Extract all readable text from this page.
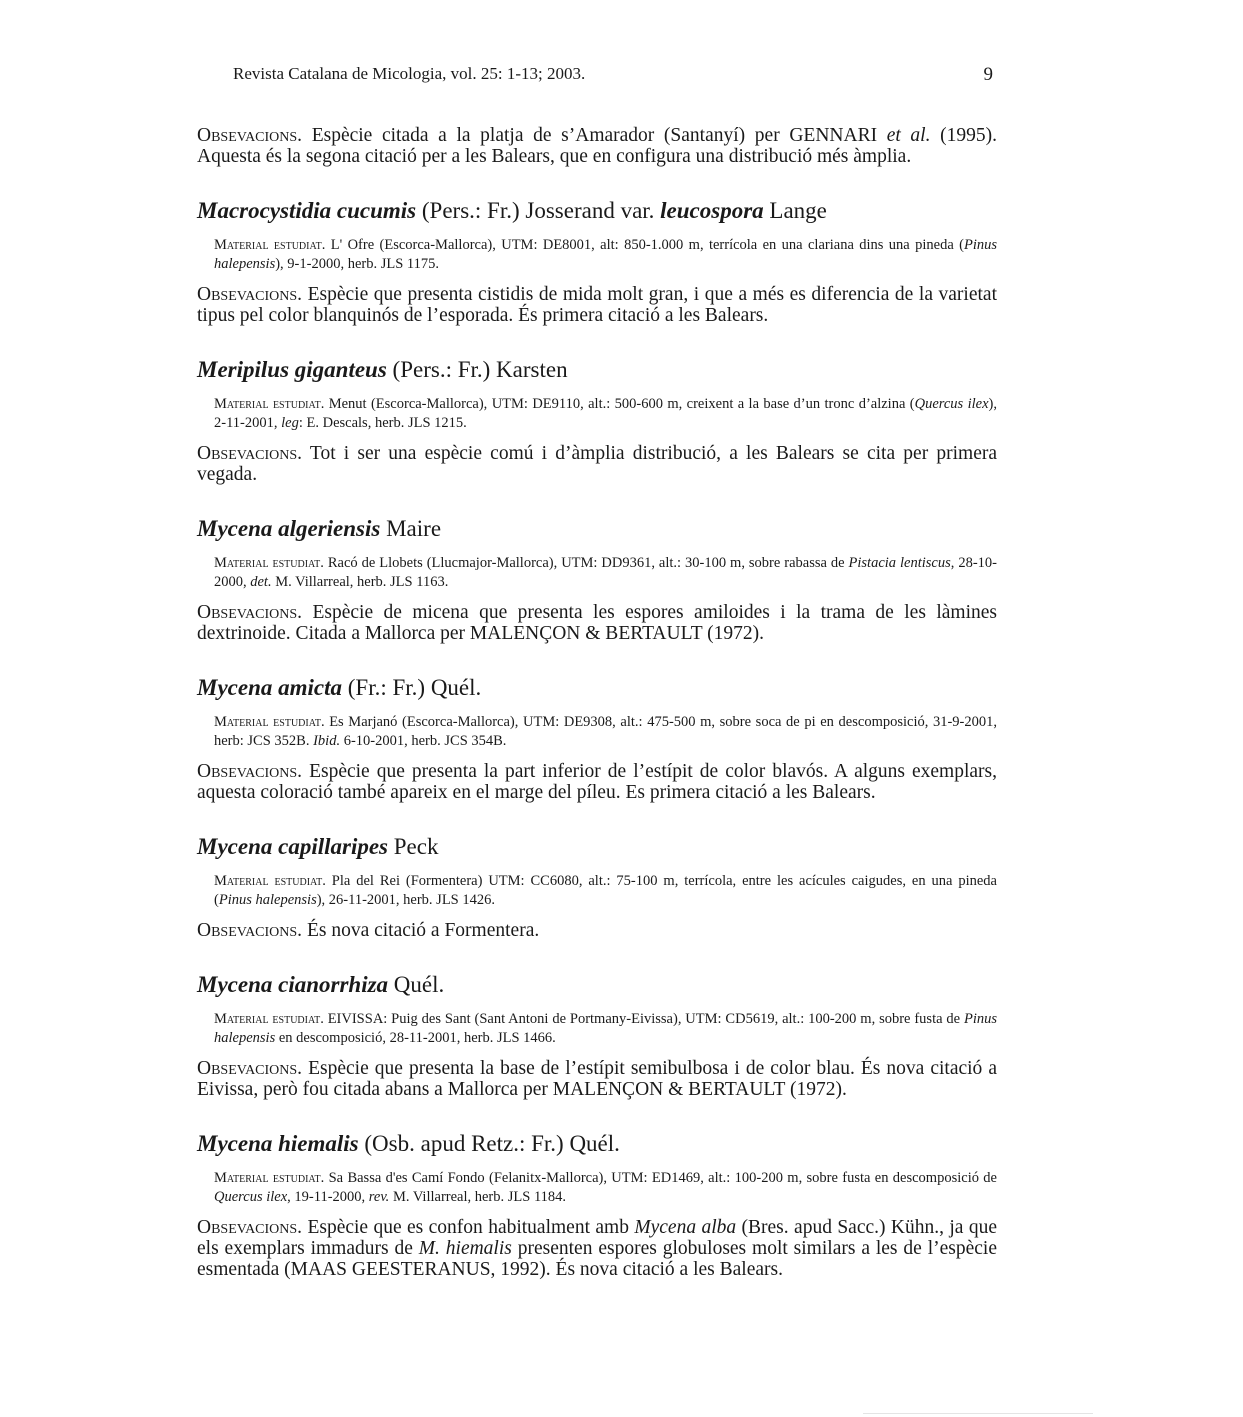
Revista Catalana de Micologia, vol. 25: 1-13; 2003.	9

Obsevacions. Espècie citada a la platja de s’Amarador (Santanyí) per GENNARI et al. (1995). Aquesta és la segona citació per a les Balears, que en configura una distribució més àmplia.

Macrocystidia cucumis (Pers.: Fr.) Josserand var. leucospora Lange

Material estudiat. L' Ofre (Escorca-Mallorca), UTM: DE8001, alt: 850-1.000 m, terrícola en una clariana dins una pineda (Pinus halepensis), 9-1-2000, herb. JLS 1175.

Obsevacions. Espècie que presenta cistidis de mida molt gran, i que a més es diferencia de la varietat tipus pel color blanquinós de l’esporada. És primera citació a les Balears.

Meripilus giganteus (Pers.: Fr.) Karsten

Material estudiat. Menut (Escorca-Mallorca), UTM: DE9110, alt.: 500-600 m, creixent a la base d’un tronc d’alzina (Quercus ilex), 2-11-2001, leg: E. Descals, herb. JLS 1215.

Obsevacions. Tot i ser una espècie comú i d’àmplia distribució, a les Balears se cita per primera vegada.

Mycena algeriensis Maire

Material estudiat. Racó de Llobets (Llucmajor-Mallorca), UTM: DD9361, alt.: 30-100 m, sobre rabassa de Pistacia lentiscus, 28-10-2000, det. M. Villarreal, herb. JLS 1163.

Obsevacions. Espècie de micena que presenta les espores amiloides i la trama de les làmines dextrinoide. Citada a Mallorca per MALENÇON & BERTAULT (1972).

Mycena amicta (Fr.: Fr.) Quél.

Material estudiat. Es Marjanó (Escorca-Mallorca), UTM: DE9308, alt.: 475-500 m, sobre soca de pi en descomposició, 31-9-2001, herb: JCS 352B. Ibid. 6-10-2001, herb. JCS 354B.

Obsevacions. Espècie que presenta la part inferior de l’estípit de color blavós. A alguns exemplars, aquesta coloració també apareix en el marge del píleu. Es primera citació a les Balears.

Mycena capillaripes Peck

Material estudiat. Pla del Rei (Formentera) UTM: CC6080, alt.: 75-100 m, terrícola, entre les acícules caigudes, en una pineda (Pinus halepensis), 26-11-2001, herb. JLS 1426.

Obsevacions. És nova citació a Formentera.

Mycena cianorrhiza Quél.

Material estudiat. EIVISSA: Puig des Sant (Sant Antoni de Portmany-Eivissa), UTM: CD5619, alt.: 100-200 m, sobre fusta de Pinus halepensis en descomposició, 28-11-2001, herb. JLS 1466.

Obsevacions. Espècie que presenta la base de l’estípit semibulbosa i de color blau. És nova citació a Eivissa, però fou citada abans a Mallorca per MALENÇON & BERTAULT (1972).

Mycena hiemalis (Osb. apud Retz.: Fr.) Quél.

Material estudiat. Sa Bassa d'es Camí Fondo (Felanitx-Mallorca), UTM: ED1469, alt.: 100-200 m, sobre fusta en descomposició de Quercus ilex, 19-11-2000, rev. M. Villarreal, herb. JLS 1184.

Obsevacions. Espècie que es confon habitualment amb Mycena alba (Bres. apud Sacc.) Kühn., ja que els exemplars immadurs de M. hiemalis presenten espores globuloses molt similars a les de l’espècie esmentada (MAAS GEESTERANUS, 1992). És nova citació a les Balears.
